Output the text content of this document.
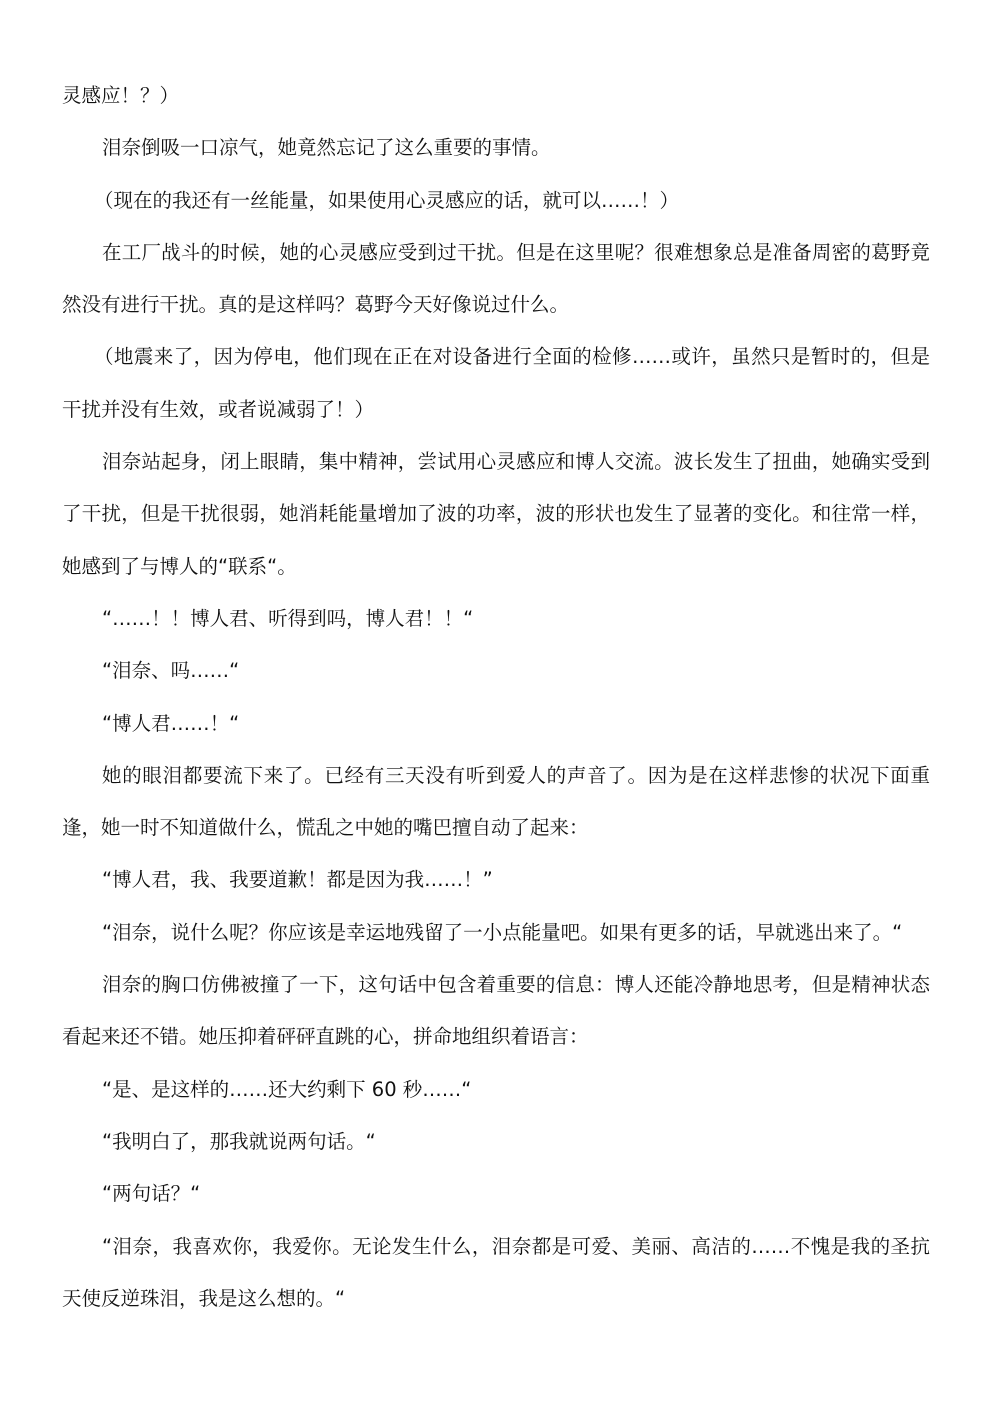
灵感应！？）

泪奈倒吸一口凉气，她竟然忘记了这么重要的事情。

（现在的我还有一丝能量，如果使用心灵感应的话，就可以……！）

在工厂战斗的时候，她的心灵感应受到过干扰。但是在这里呢？很难想象总是准备周密的葛野竟然没有进行干扰。真的是这样吗？葛野今天好像说过什么。

（地震来了，因为停电，他们现在正在对设备进行全面的检修……或许，虽然只是暂时的，但是干扰并没有生效，或者说减弱了！）

泪奈站起身，闭上眼睛，集中精神，尝试用心灵感应和博人交流。波长发生了扭曲，她确实受到了干扰，但是干扰很弱，她消耗能量增加了波的功率，波的形状也发生了显著的变化。和往常一样，她感到了与博人的“联系“。

“……！！博人君、听得到吗，博人君！！“

“泪奈、吗……“

“博人君……！“

她的眼泪都要流下来了。已经有三天没有听到爱人的声音了。因为是在这样悲惨的状况下面重逢，她一时不知道做什么，慌乱之中她的嘴巴擅自动了起来：

“博人君，我、我要道歉！都是因为我……！”

“泪奈，说什么呢？你应该是幸运地残留了一小点能量吧。如果有更多的话，早就逃出来了。“

泪奈的胸口仿佛被撞了一下，这句话中包含着重要的信息：博人还能冷静地思考，但是精神状态看起来还不错。她压抑着砰砰直跳的心，拼命地组织着语言：

“是、是这样的……还大约剩下 60 秒……“

“我明白了，那我就说两句话。“

“两句话？“

“泪奈，我喜欢你，我爱你。无论发生什么，泪奈都是可爱、美丽、高洁的……不愧是我的圣抗天使反逆珠泪，我是这么想的。“
